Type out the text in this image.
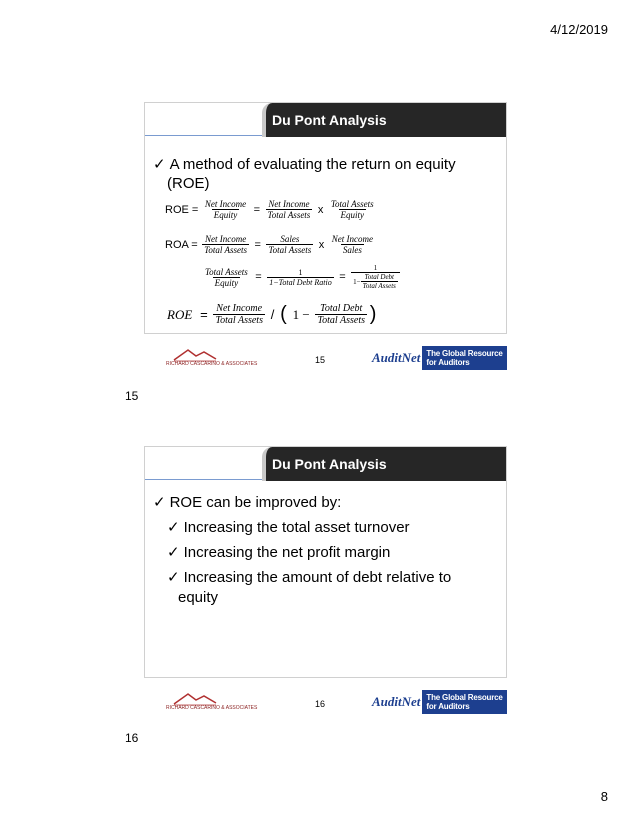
4/12/2019
Du Pont Analysis
✓ A method of evaluating the return on equity
(ROE)
ROE = $\frac{\text{Net Income}}{\text{Equity}} = \frac{\text{Net Income}}{\text{Total Assets}}$ x $\frac{\text{Total Assets}}{\text{Equity}}$
ROA = $\frac{\text{Net Income}}{\text{Total Assets}} = \frac{\text{Sales}}{\text{Total Assets}}$ x $\frac{\text{Net Income}}{\text{Sales}}$
$\frac{\text{Total Assets}}{\text{Equity}} = \frac{1}{\text{1−Total Debt Ratio}} = \frac{1}{1- \frac{\text{Total Debt}}{\text{Total Assets}}}$
ROE = $\frac{\text{Net Income}}{\text{Total Assets}}$ / ( $1 - \frac{\text{Total Debt}}{\text{Total Assets}}$ )
RICHARD CASCARINO & ASSOCIATES	15	AuditNet The Global Resource for Auditors
15
Du Pont Analysis
✓ ROE can be improved by:
✓ Increasing the total asset turnover
✓ Increasing the net profit margin
✓ Increasing the amount of debt relative to
equity
RICHARD CASCARINO & ASSOCIATES	16	AuditNet The Global Resource for Auditors
16
8
